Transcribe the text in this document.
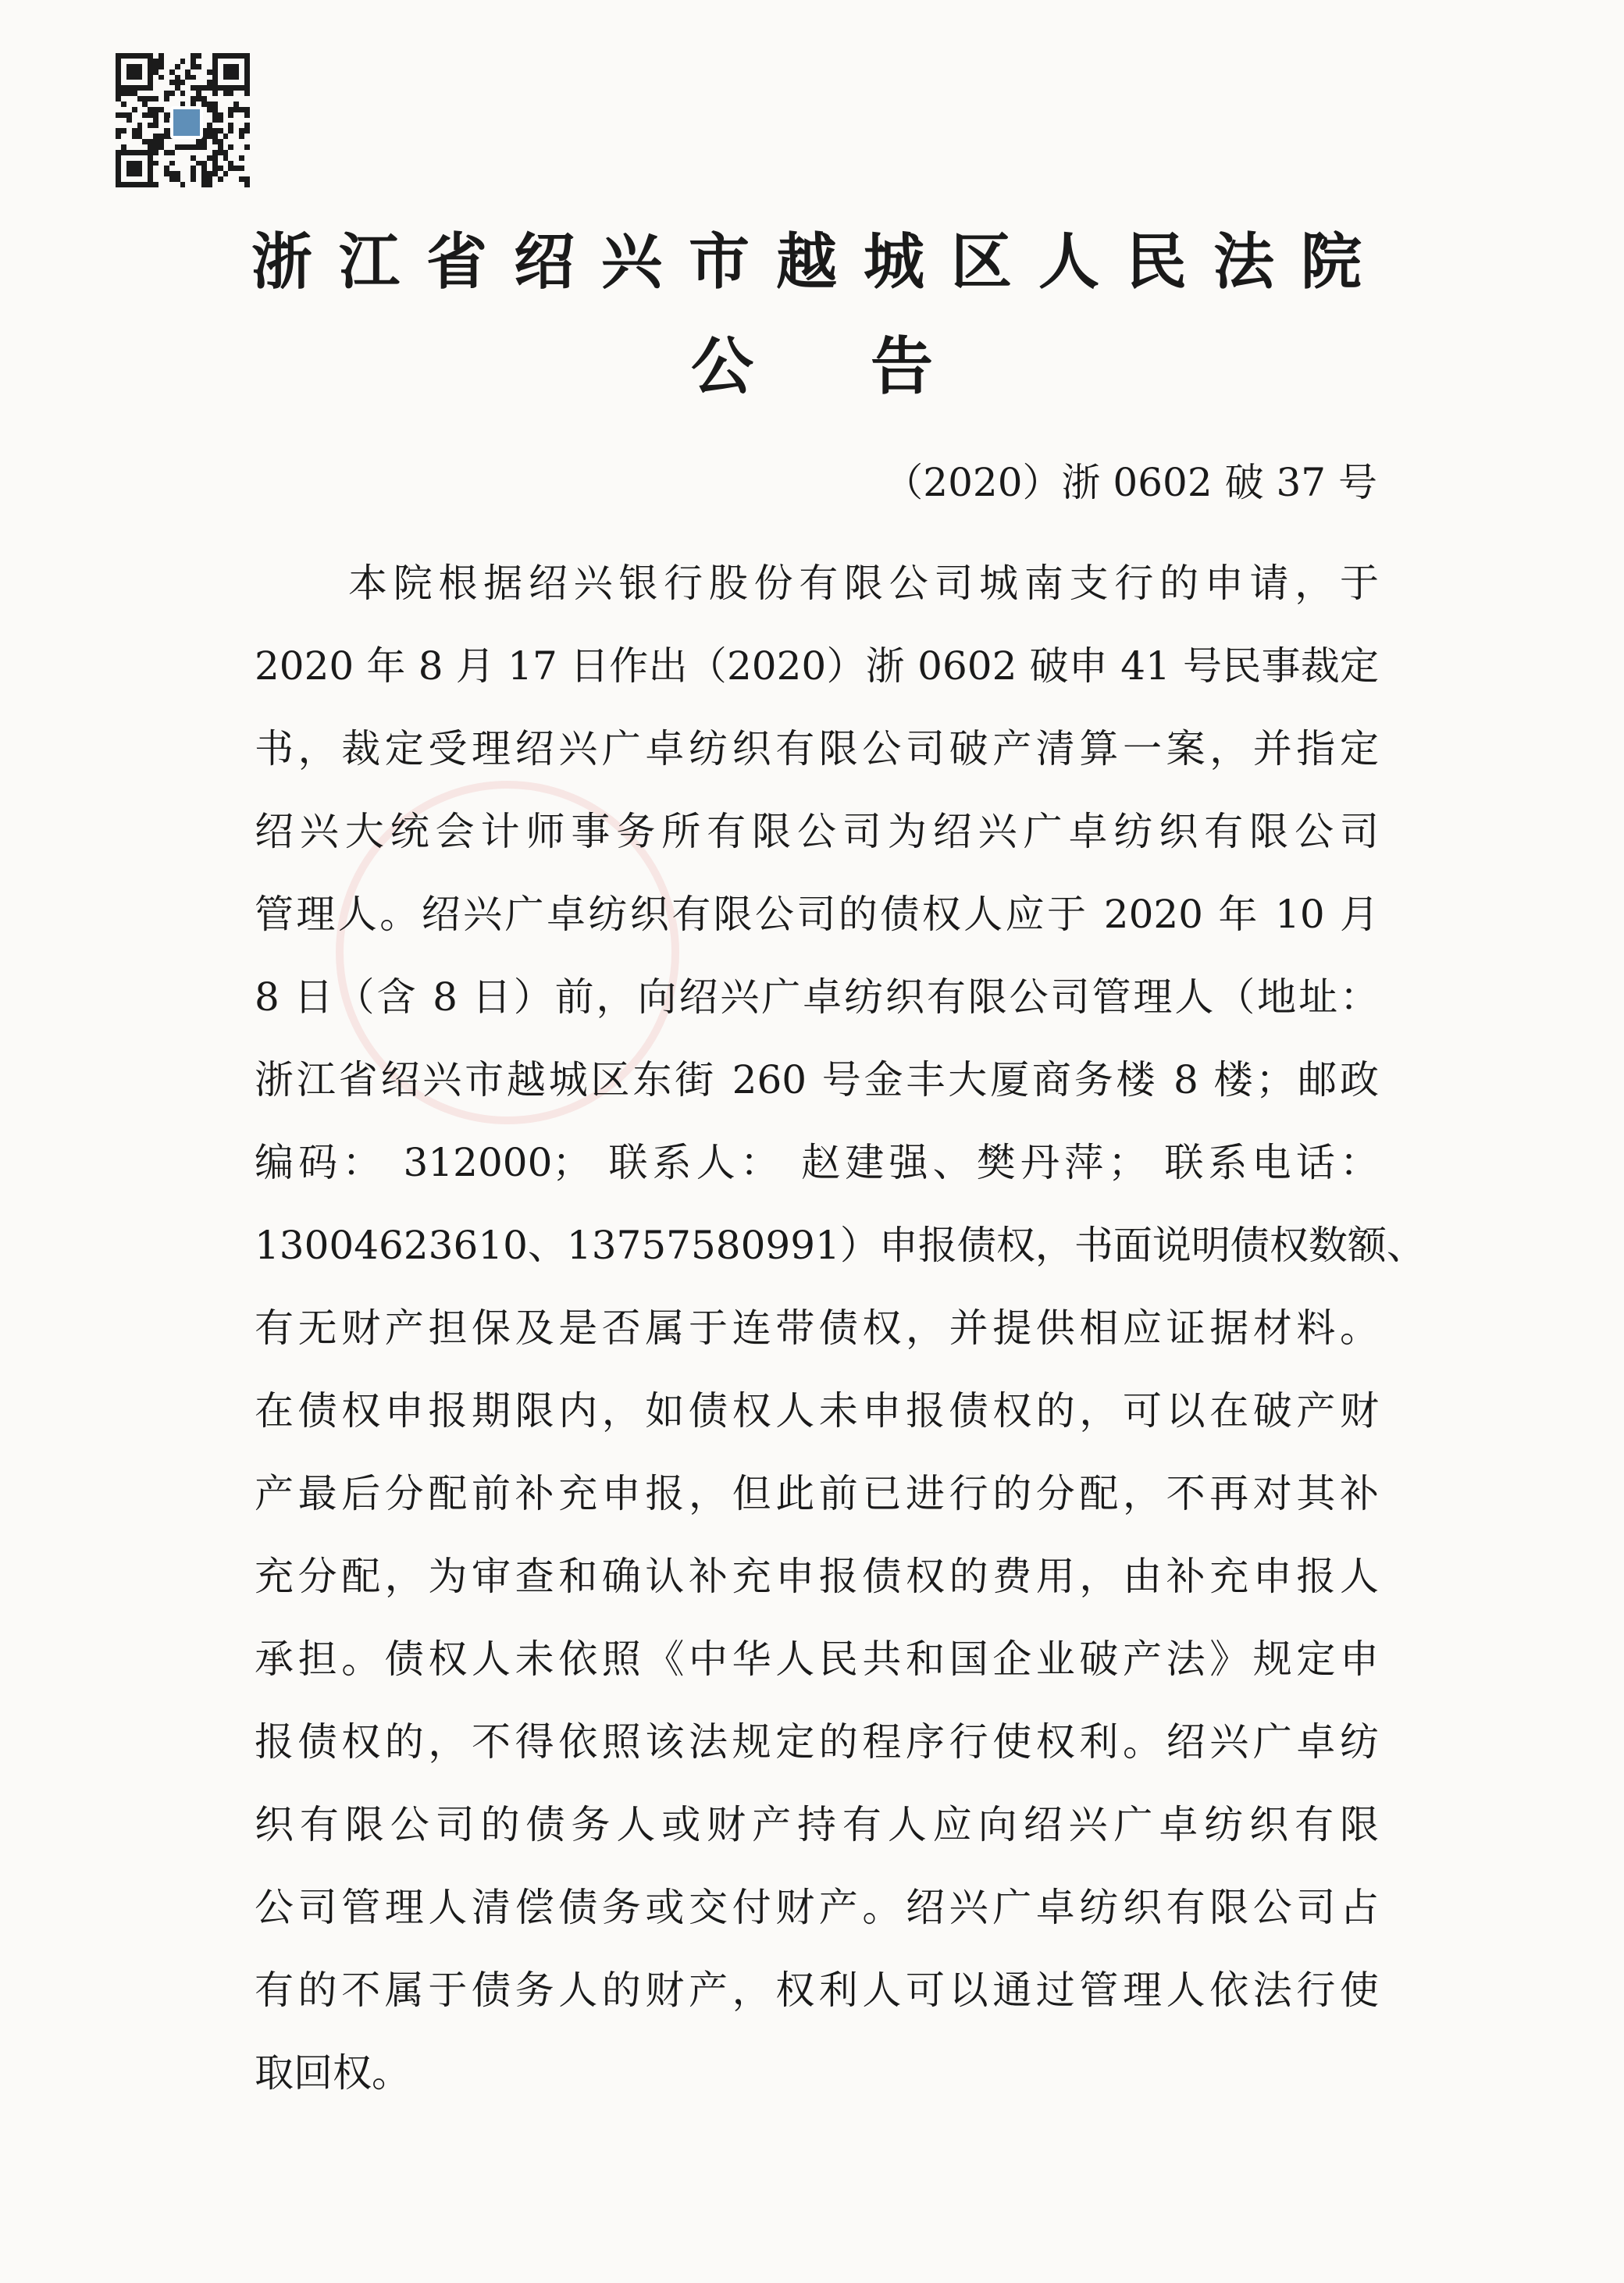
浙江省绍兴市越城区人民法院
公告
（2020）浙 0602 破 37 号
本院根据绍兴银行股份有限公司城南支行的申请，于
2020 年 8 月 17 日作出（2020）浙 0602 破申 41 号民事裁定
书，裁定受理绍兴广卓纺织有限公司破产清算一案，并指定
绍兴大统会计师事务所有限公司为绍兴广卓纺织有限公司
管理人。绍兴广卓纺织有限公司的债权人应于 2020 年 10 月
8 日（含 8 日）前，向绍兴广卓纺织有限公司管理人（地址：
浙江省绍兴市越城区东街 260 号金丰大厦商务楼 8 楼；邮政
编码： 312000； 联系人： 赵建强、樊丹萍； 联系电话：
13004623610、13757580991）申报债权，书面说明债权数额、
有无财产担保及是否属于连带债权，并提供相应证据材料。
在债权申报期限内，如债权人未申报债权的，可以在破产财
产最后分配前补充申报，但此前已进行的分配，不再对其补
充分配，为审查和确认补充申报债权的费用，由补充申报人
承担。债权人未依照《中华人民共和国企业破产法》规定申
报债权的，不得依照该法规定的程序行使权利。绍兴广卓纺
织有限公司的债务人或财产持有人应向绍兴广卓纺织有限
公司管理人清偿债务或交付财产。绍兴广卓纺织有限公司占
有的不属于债务人的财产，权利人可以通过管理人依法行使
取回权。
